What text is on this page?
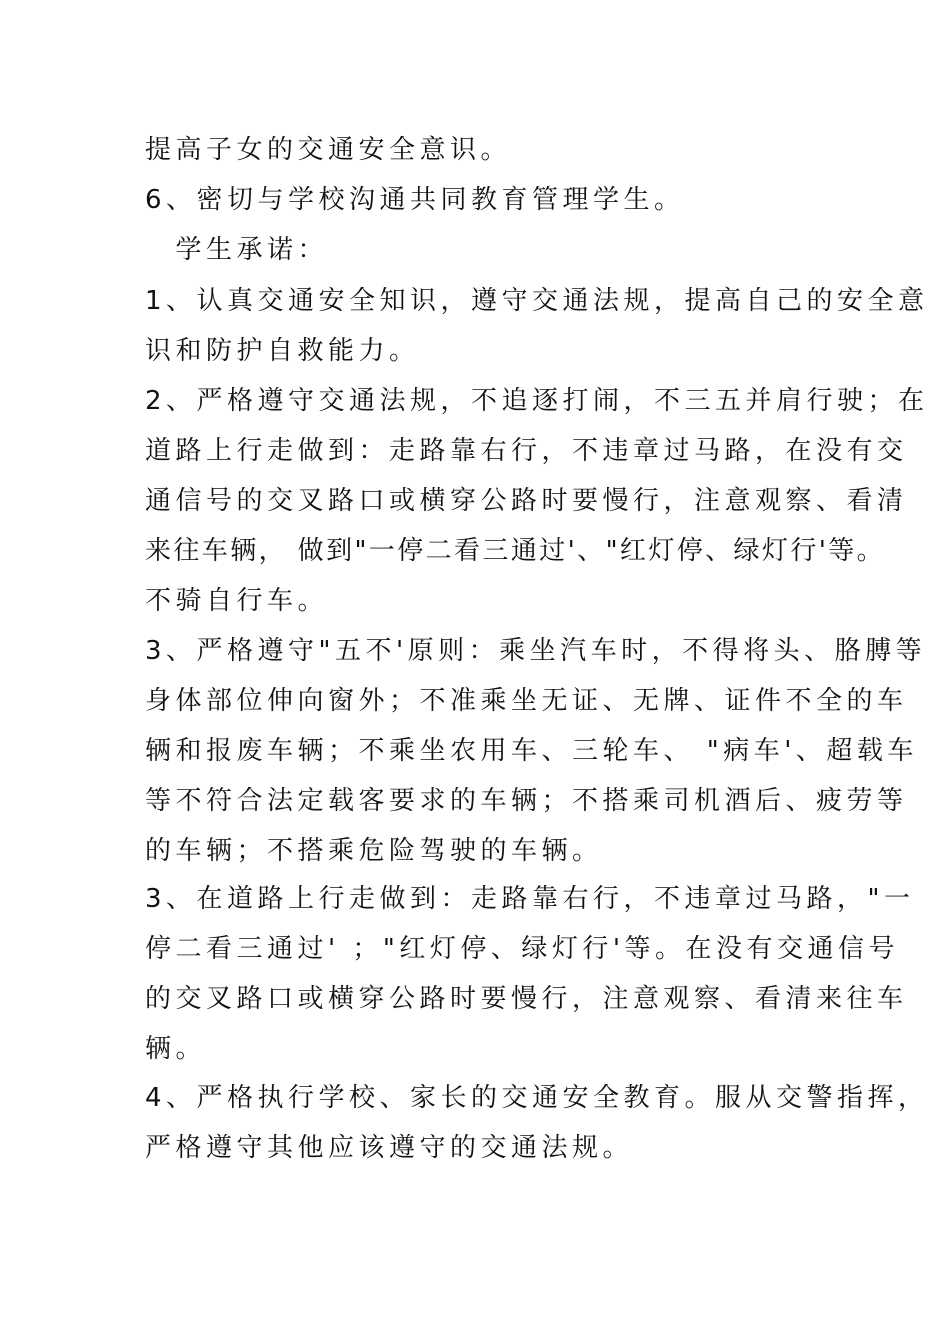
提高子女的交通安全意识。
6、密切与学校沟通共同教育管理学生。
　学生承诺：
1、认真交通安全知识，遵守交通法规，提高自己的安全意
识和防护自救能力。
2、严格遵守交通法规，不追逐打闹，不三五并肩行驶；在
道路上行走做到：走路靠右行，不违章过马路，在没有交
通信号的交叉路口或横穿公路时要慢行，注意观察、看清
来往车辆， 做到"一停二看三通过'、"红灯停、绿灯行'等。
不骑自行车。
3、严格遵守"五不'原则：乘坐汽车时，不得将头、胳膊等
身体部位伸向窗外；不准乘坐无证、无牌、证件不全的车
辆和报废车辆；不乘坐农用车、三轮车、 "病车'、超载车
等不符合法定载客要求的车辆；不搭乘司机酒后、疲劳等
的车辆；不搭乘危险驾驶的车辆。
3、在道路上行走做到：走路靠右行，不违章过马路，"一
停二看三通过' ；"红灯停、绿灯行'等。在没有交通信号
的交叉路口或横穿公路时要慢行，注意观察、看清来往车
辆。
4、严格执行学校、家长的交通安全教育。服从交警指挥，
严格遵守其他应该遵守的交通法规。
